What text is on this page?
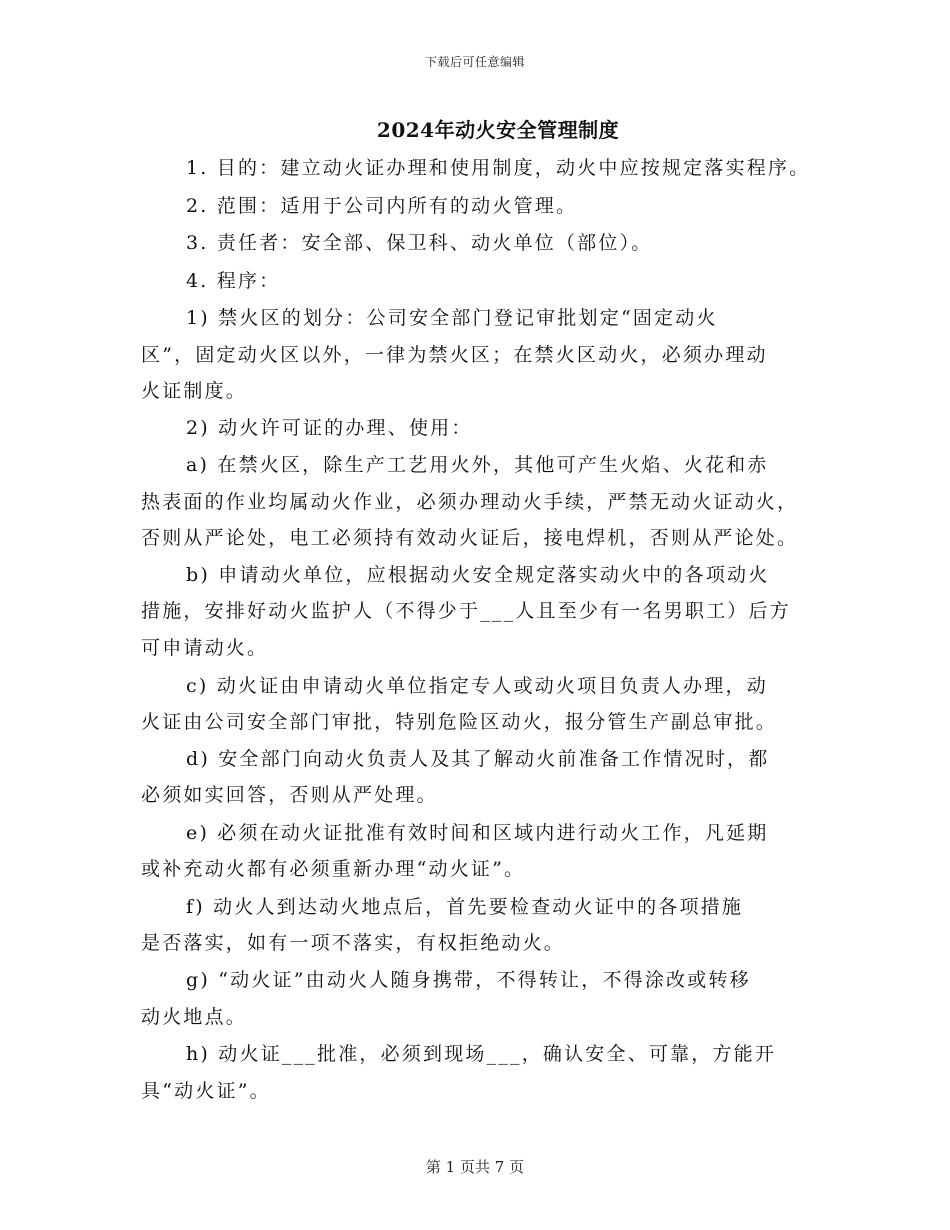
下载后可任意编辑
2024年动火安全管理制度
1. 目的：建立动火证办理和使用制度，动火中应按规定落实程序。
2. 范围：适用于公司内所有的动火管理。
3. 责任者：安全部、保卫科、动火单位（部位）。
4. 程序：
1) 禁火区的划分：公司安全部门登记审批划定“固定动火
区”，固定动火区以外，一律为禁火区；在禁火区动火，必须办理动
火证制度。
2) 动火许可证的办理、使用：
a) 在禁火区，除生产工艺用火外，其他可产生火焰、火花和赤
热表面的作业均属动火作业，必须办理动火手续，严禁无动火证动火，
否则从严论处，电工必须持有效动火证后，接电焊机，否则从严论处。
b) 申请动火单位，应根据动火安全规定落实动火中的各项动火
措施，安排好动火监护人（不得少于___人且至少有一名男职工）后方
可申请动火。
c) 动火证由申请动火单位指定专人或动火项目负责人办理，动
火证由公司安全部门审批，特别危险区动火，报分管生产副总审批。
d) 安全部门向动火负责人及其了解动火前准备工作情况时，都
必须如实回答，否则从严处理。
e) 必须在动火证批准有效时间和区域内进行动火工作，凡延期
或补充动火都有必须重新办理“动火证”。
f) 动火人到达动火地点后，首先要检查动火证中的各项措施
是否落实，如有一项不落实，有权拒绝动火。
g) “动火证”由动火人随身携带，不得转让，不得涂改或转移
动火地点。
h) 动火证___批准，必须到现场___，确认安全、可靠，方能开
具“动火证”。
第 1 页共 7 页
